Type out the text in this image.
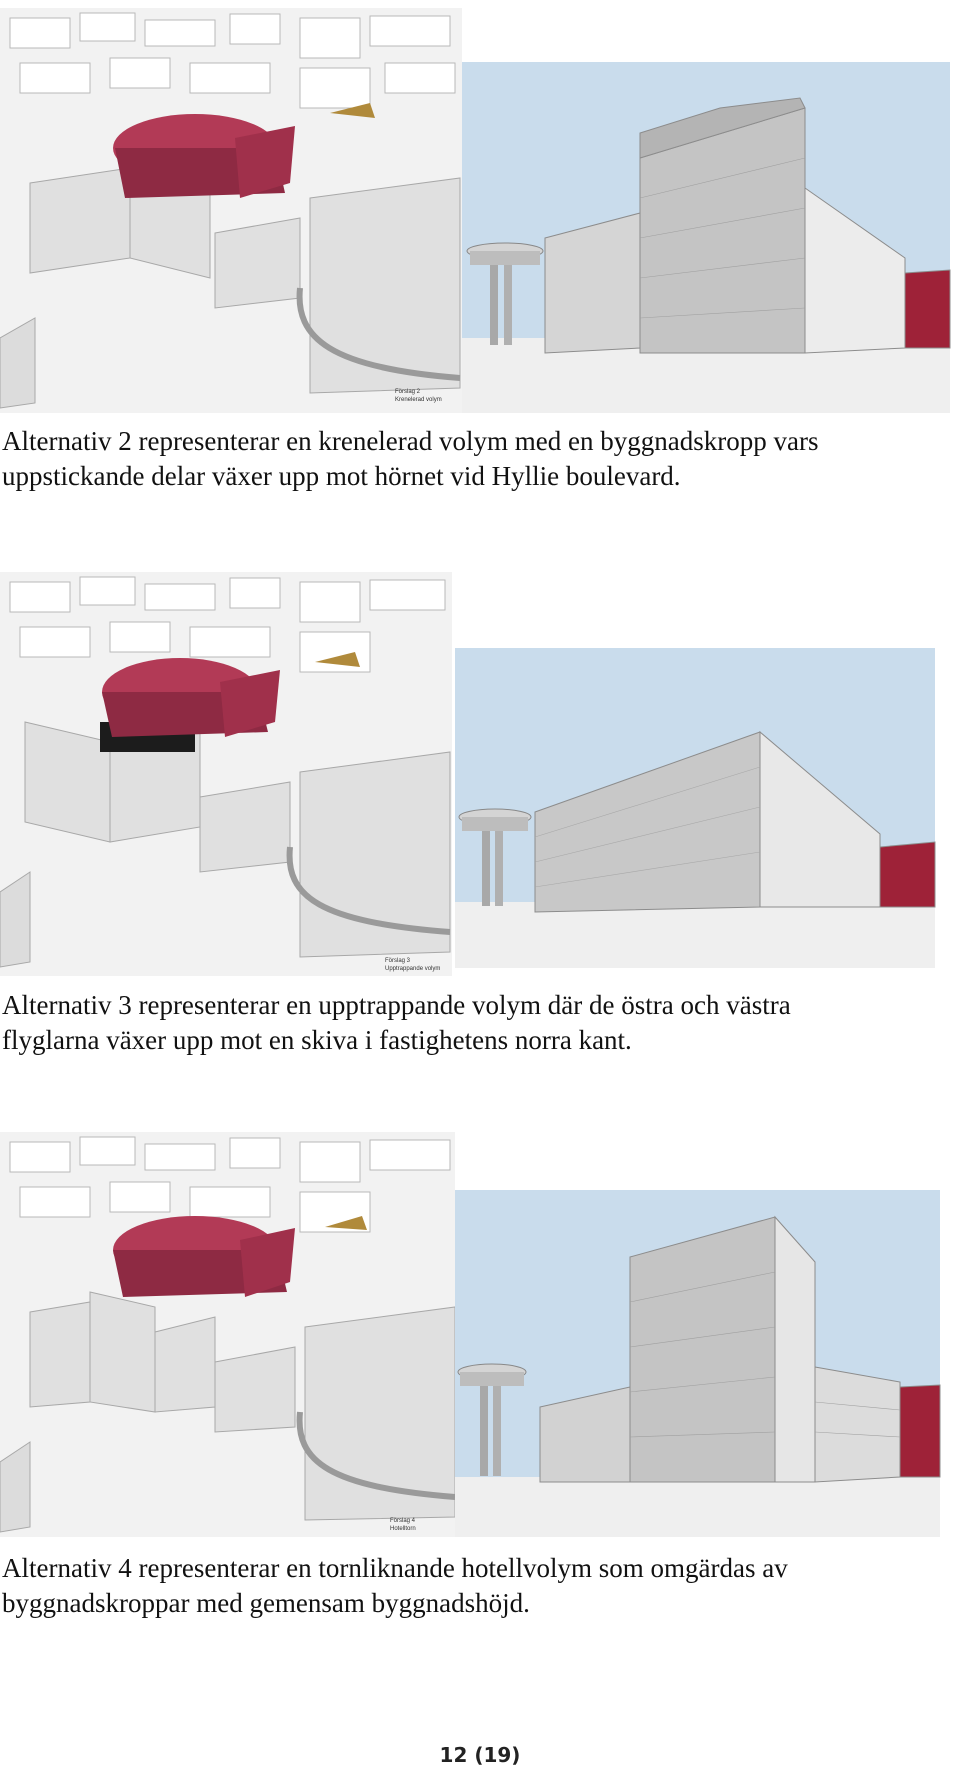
Förslag 2
Krenelerad volym

Alternativ 2 representerar en krenelerad volym med en byggnadskropp vars
uppstickande delar växer upp mot hörnet vid Hyllie boulevard.

Förslag 3
Upptrappande volym

Alternativ 3 representerar en upptrappande volym där de östra och västra
flyglarna växer upp mot en skiva i fastighetens norra kant.

Förslag 4
Hotelltorn

Alternativ 4 representerar en tornliknande hotellvolym som omgärdas av
byggnadskroppar med gemensam byggnadshöjd.

12 (19)
